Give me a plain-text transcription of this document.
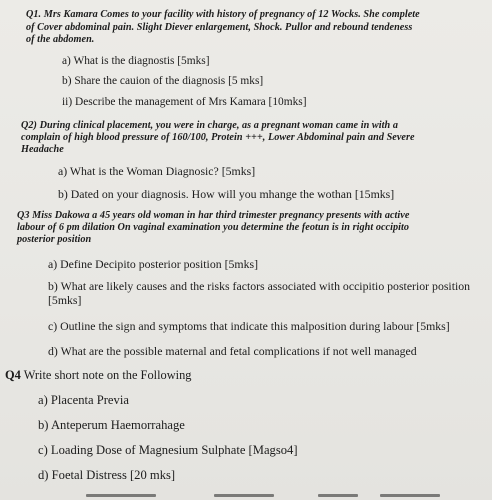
Q1. Mrs Kamara Comes to your facility with history of pregnancy of 12 Wocks. She complete
of Cover abdominal pain. Slight Diever enlargement, Shock. Pullor and rebound tendeness
of the abdomen.
a) What is the diagnostis [5mks]
b) Share the cauion of the diagnosis [5 mks]
ii) Describe the management of Mrs Kamara [10mks]
Q2) During clinical placement, you were in charge, as a pregnant woman came in with a
complain of high blood pressure of 160/100, Protein +++, Lower Abdominal pain and Severe
Headache
a) What is the Woman Diagnosic? [5mks]
b) Dated on your diagnosis. How will you mhange the wothan [15mks]
Q3 Miss Dakowa a 45 years old woman in har third trimester pregnancy presents with active
labour of 6 pm dilation On vaginal examination you determine the feotun is in right occipito
posterior position
a) Define Decipito posterior position [5mks]
b) What are likely causes and the risks factors associated with occipitio posterior position
[5mks]
c) Outline the sign and symptoms that indicate this malposition during labour [5mks]
d) What are the possible maternal and fetal complications if not well managed
Q4 Write short note on the Following
a) Placenta Previa
b) Anteperum Haemorrahage
c) Loading Dose of Magnesium Sulphate [Magso4]
d) Foetal Distress [20 mks]
